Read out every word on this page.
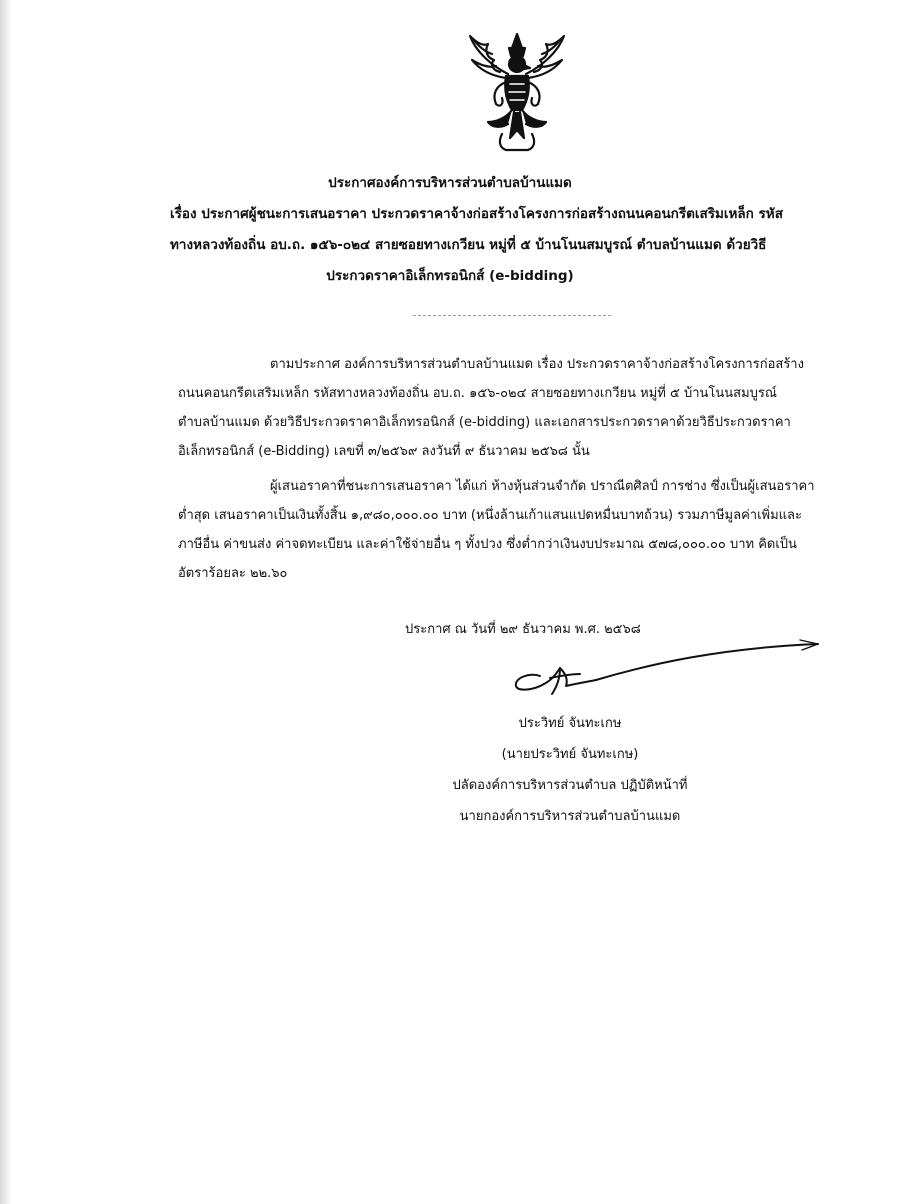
ประกาศองค์การบริหารส่วนตำบลบ้านแมด
เรื่อง ประกาศผู้ชนะการเสนอราคา ประกวดราคาจ้างก่อสร้างโครงการก่อสร้างถนนคอนกรีตเสริมเหล็ก รหัส
ทางหลวงท้องถิ่น อบ.ถ. ๑๕๖-๐๒๔ สายซอยทางเกวียน หมู่ที่ ๕ บ้านโนนสมบูรณ์ ตำบลบ้านแมด ด้วยวิธี
ประกวดราคาอิเล็กทรอนิกส์ (e-bidding)
ตามประกาศ องค์การบริหารส่วนตำบลบ้านแมด เรื่อง ประกวดราคาจ้างก่อสร้างโครงการก่อสร้าง
ถนนคอนกรีตเสริมเหล็ก รหัสทางหลวงท้องถิ่น อบ.ถ. ๑๕๖-๐๒๔ สายซอยทางเกวียน หมู่ที่ ๕ บ้านโนนสมบูรณ์
ตำบลบ้านแมด ด้วยวิธีประกวดราคาอิเล็กทรอนิกส์ (e-bidding) และเอกสารประกวดราคาด้วยวิธีประกวดราคา
อิเล็กทรอนิกส์ (e-Bidding) เลขที่ ๓/๒๕๖๙ ลงวันที่ ๙ ธันวาคม ๒๕๖๘ นั้น
ผู้เสนอราคาที่ชนะการเสนอราคา ได้แก่ ห้างหุ้นส่วนจำกัด ปราณีตศิลป์ การช่าง ซึ่งเป็นผู้เสนอราคา
ต่ำสุด เสนอราคาเป็นเงินทั้งสิ้น ๑,๙๘๐,๐๐๐.๐๐ บาท (หนึ่งล้านเก้าแสนแปดหมื่นบาทถ้วน) รวมภาษีมูลค่าเพิ่มและ
ภาษีอื่น ค่าขนส่ง ค่าจดทะเบียน และค่าใช้จ่ายอื่น ๆ ทั้งปวง ซึ่งต่ำกว่าเงินงบประมาณ ๕๗๘,๐๐๐.๐๐ บาท คิดเป็น
อัตราร้อยละ ๒๒.๖๐
ประกาศ ณ วันที่ ๒๙ ธันวาคม พ.ศ. ๒๕๖๘
ประวิทย์ จันทะเกษ
(นายประวิทย์ จันทะเกษ)
ปลัดองค์การบริหารส่วนตำบล ปฏิบัติหน้าที่
นายกองค์การบริหารส่วนตำบลบ้านแมด
